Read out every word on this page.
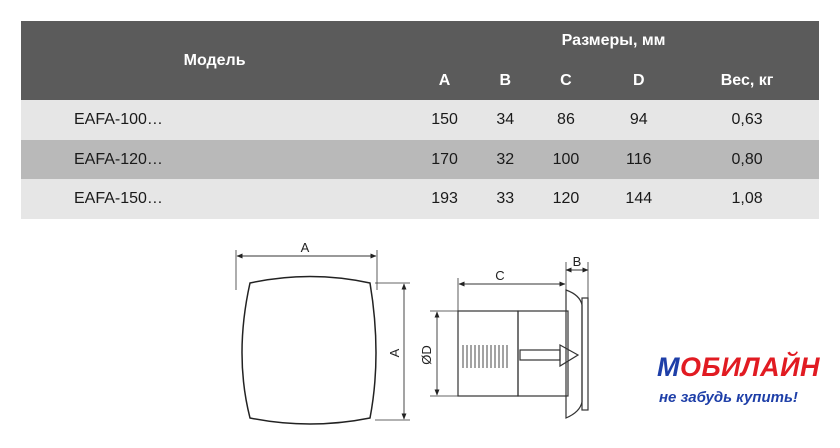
Модель	Размеры, мм				
	A	B	C	D	Вес, кг
EAFA-100…	150	34	86	94	0,63
EAFA-120…	170	32	100	116	0,80
EAFA-150…	193	33	120	144	1,08
A
A
C
B
ØD	МОБИЛАЙН
не забудь купить!
